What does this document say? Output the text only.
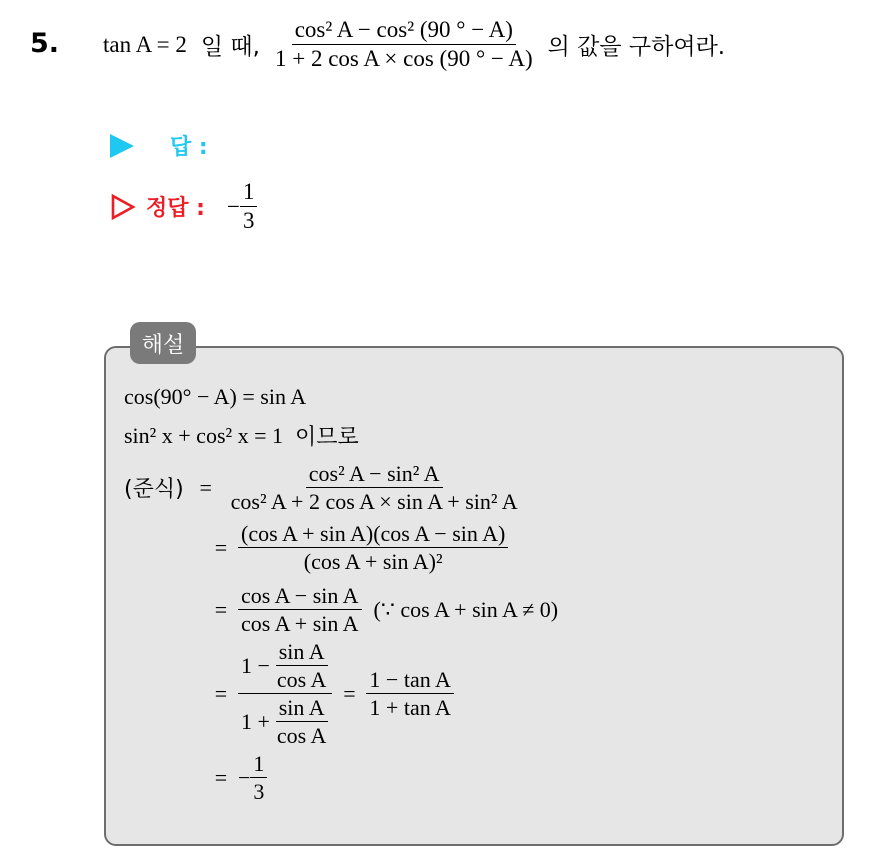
5. tan A = 2 일 때, $\frac{\text{cos² A − cos² (90 ° − A)}}{\text{1 + 2 cos A × cos (90 ° − A)}}$ 의 값을 구하여라.
답 :
정답 : − $\frac{1}{3}$
해설
cos(90° − A) = sin A
sin² x + cos² x = 1 이므로
(준식) = $\frac{\text{cos² A − sin² A}}{\text{cos² A + 2 cos A × sin A + sin² A}}$
= $\frac{\text{(cos A + sin A)(cos A − sin A)}}{\text{(cos A + sin A)²}}$
= $\frac{\text{cos A − sin A}}{\text{cos A + sin A}}$ (∵ cos A + sin A ≠ 0)
= $\frac{1 - \frac{\text{sin A}}{\text{cos A}}}{1 + \frac{\text{sin A}}{\text{cos A}}} = \frac{\text{1 − tan A}}{\text{1 + tan A}}$
= − $\frac{1}{3}$
